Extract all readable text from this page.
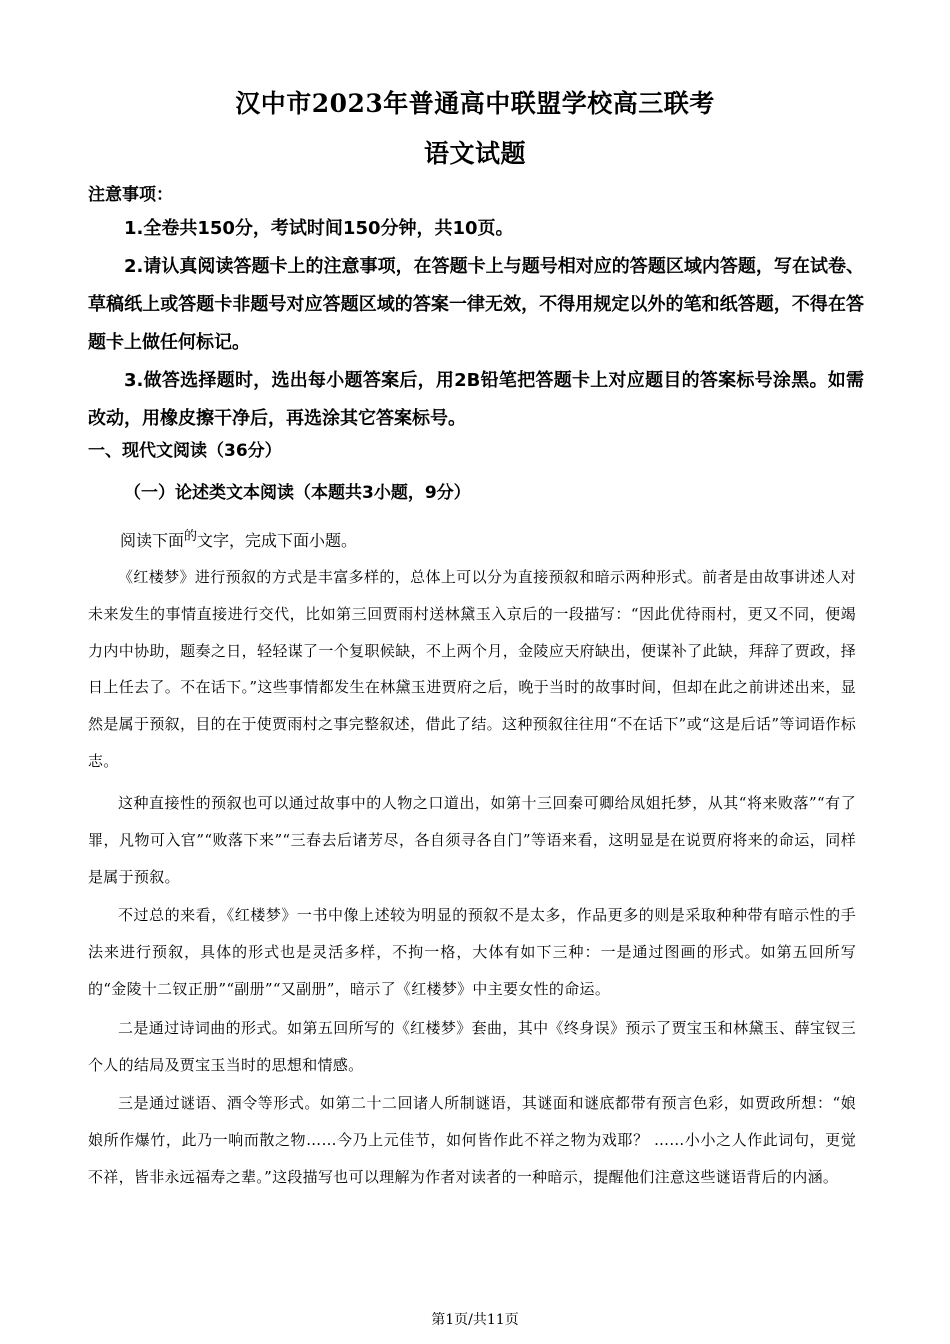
汉中市2023年普通高中联盟学校高三联考
语文试题
注意事项：
1.全卷共150分，考试时间150分钟，共10页。
2.请认真阅读答题卡上的注意事项，在答题卡上与题号相对应的答题区域内答题，写在试卷、草稿纸上或答题卡非题号对应答题区域的答案一律无效，不得用规定以外的笔和纸答题，不得在答题卡上做任何标记。
3.做答选择题时，选出每小题答案后，用2B铅笔把答题卡上对应题目的答案标号涂黑。如需改动，用橡皮擦干净后，再选涂其它答案标号。
一、现代文阅读（36分）
（一）论述类文本阅读（本题共3小题，9分）
阅读下面$^的$文字，完成下面小题。
《红楼梦》进行预叙的方式是丰富多样的，总体上可以分为直接预叙和暗示两种形式。前者是由故事讲述人对未来发生的事情直接进行交代，比如第三回贾雨村送林黛玉入京后的一段描写：“因此优待雨村，更又不同，便竭力内中协助，题奏之日，轻轻谋了一个复职候缺，不上两个月，金陵应天府缺出，便谋补了此缺，拜辞了贾政，择日上任去了。不在话下。”这些事情都发生在林黛玉进贾府之后，晚于当时的故事时间，但却在此之前讲述出来，显然是属于预叙，目的在于使贾雨村之事完整叙述，借此了结。这种预叙往往用“不在话下”或“这是后话”等词语作标志。
这种直接性的预叙也可以通过故事中的人物之口道出，如第十三回秦可卿给凤姐托梦，从其“将来败落”“有了罪，凡物可入官”“败落下来”“三春去后诸芳尽，各自须寻各自门”等语来看，这明显是在说贾府将来的命运，同样是属于预叙。
不过总的来看，《红楼梦》一书中像上述较为明显的预叙不是太多，作品更多的则是采取种种带有暗示性的手法来进行预叙，具体的形式也是灵活多样，不拘一格，大体有如下三种：一是通过图画的形式。如第五回所写的“金陵十二钗正册”“副册”“又副册”，暗示了《红楼梦》中主要女性的命运。
二是通过诗词曲的形式。如第五回所写的《红楼梦》套曲，其中《终身误》预示了贾宝玉和林黛玉、薛宝钗三个人的结局及贾宝玉当时的思想和情感。
三是通过谜语、酒令等形式。如第二十二回诸人所制谜语，其谜面和谜底都带有预言色彩，如贾政所想：“娘娘所作爆竹，此乃一响而散之物……今乃上元佳节，如何皆作此不祥之物为戏耶？ ……小小之人作此词句，更觉不祥，皆非永远福寿之辈。”这段描写也可以理解为作者对读者的一种暗示，提醒他们注意这些谜语背后的内涵。
第1页/共11页
